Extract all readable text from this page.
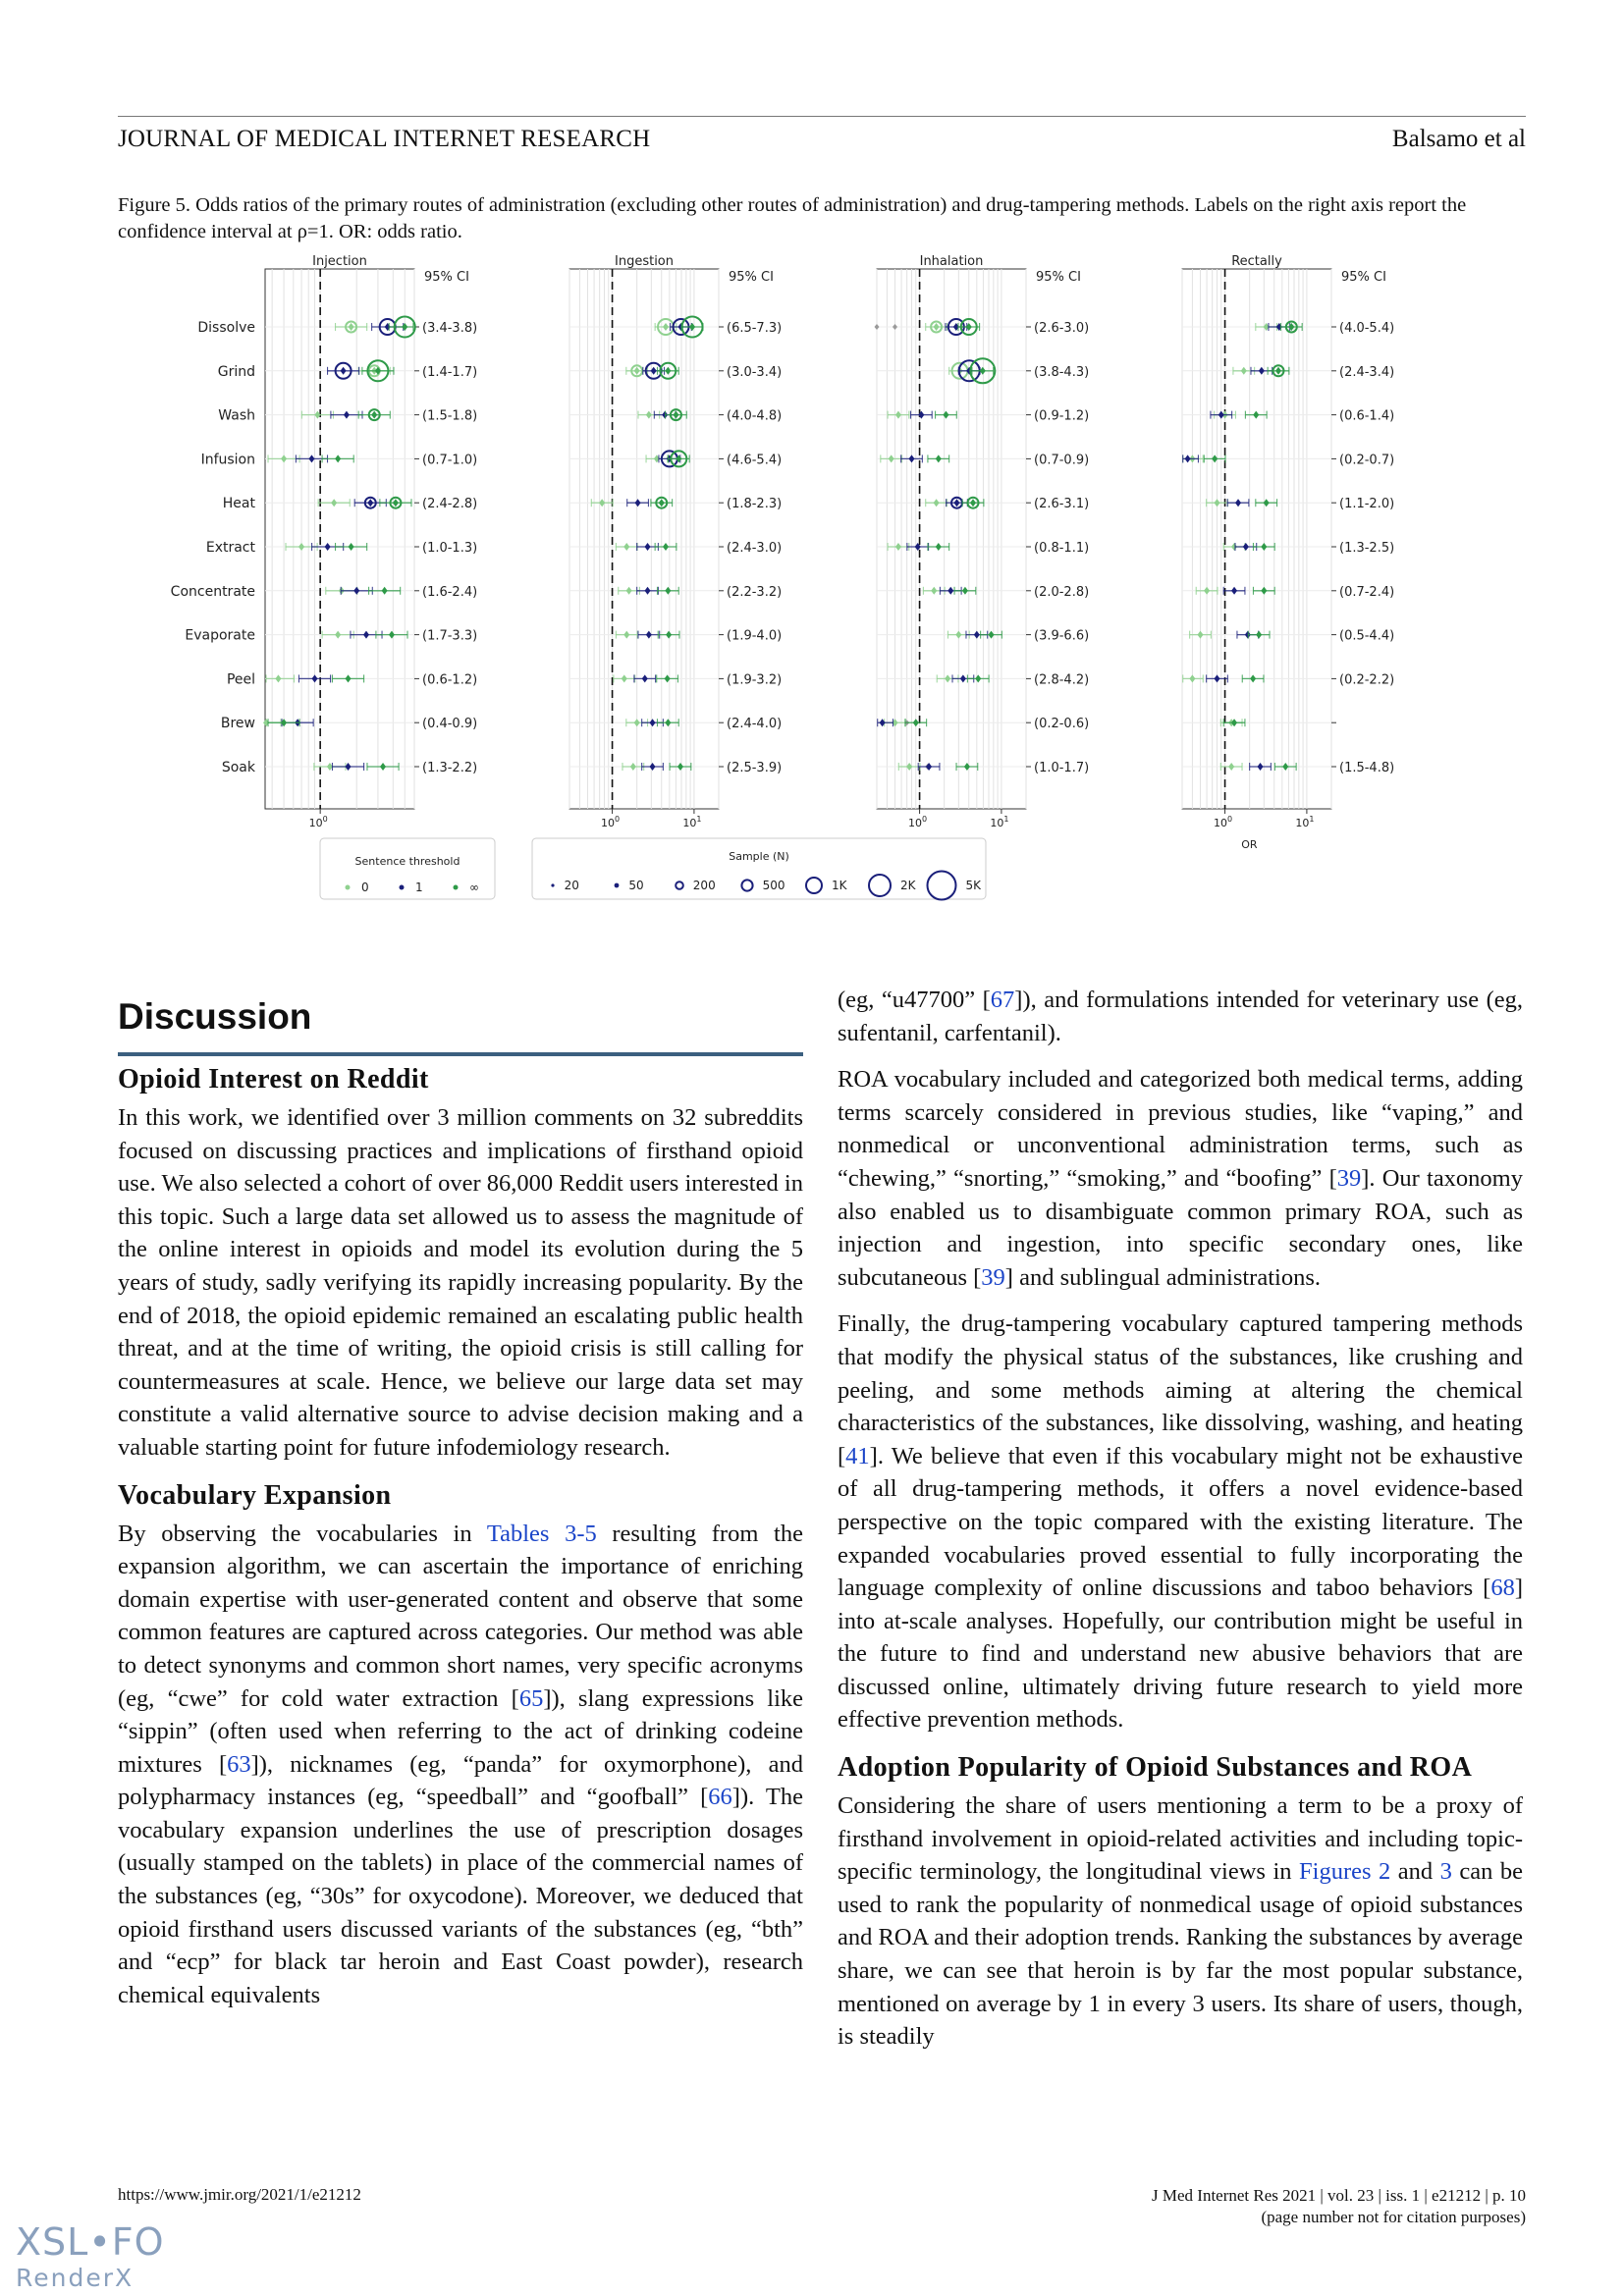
JOURNAL OF MEDICAL INTERNET RESEARCH	Balsamo et al
Figure 5. Odds ratios of the primary routes of administration (excluding other routes of administration) and drug-tampering methods. Labels on the right axis report the confidence interval at ρ=1. OR: odds ratio.
Dissolve
Grind
Wash
Infusion
Heat
Extract
Concentrate
Evaporate
Peel
Brew
Soak
Injection
95% CI
$10^0$
(3.4-3.8)
(1.4-1.7)
(1.5-1.8)
(0.7-1.0)
(2.4-2.8)
(1.0-1.3)
(1.6-2.4)
(1.7-3.3)
(0.6-1.2)
(0.4-0.9)
(1.3-2.2)
Ingestion
95% CI
$10^0$	$10^1$
(6.5-7.3)
(3.0-3.4)
(4.0-4.8)
(4.6-5.4)
(1.8-2.3)
(2.4-3.0)
(2.2-3.2)
(1.9-4.0)
(1.9-3.2)
(2.4-4.0)
(2.5-3.9)
Inhalation
95% CI
$10^0$	$10^1$
(2.6-3.0)
(3.8-4.3)
(0.9-1.2)
(0.7-0.9)
(2.6-3.1)
(0.8-1.1)
(2.0-2.8)
(3.9-6.6)
(2.8-4.2)
(0.2-0.6)
(1.0-1.7)
Rectally
95% CI
$10^0$	$10^1$
OR
(4.0-5.4)
(2.4-3.4)
(0.6-1.4)
(0.2-0.7)
(1.1-2.0)
(1.3-2.5)
(0.7-2.4)
(0.5-4.4)
(0.2-2.2)
(1.5-4.8)
Sentence threshold
0	1	∞
Sample (N)
20	50	200	500	1K	2K	5K
Discussion
Opioid Interest on Reddit

In this work, we identified over 3 million comments on 32 subreddits focused on discussing practices and implications of firsthand opioid use. We also selected a cohort of over 86,000 Reddit users interested in this topic. Such a large data set allowed us to assess the magnitude of the online interest in opioids and model its evolution during the 5 years of study, sadly verifying its rapidly increasing popularity. By the end of 2018, the opioid epidemic remained an escalating public health threat, and at the time of writing, the opioid crisis is still calling for countermeasures at scale. Hence, we believe our large data set may constitute a valid alternative source to advise decision making and a valuable starting point for future infodemiology research.

Vocabulary Expansion

By observing the vocabularies in Tables 3-5 resulting from the expansion algorithm, we can ascertain the importance of enriching domain expertise with user-generated content and observe that some common features are captured across categories. Our method was able to detect synonyms and common short names, very specific acronyms (eg, “cwe” for cold water extraction [65]), slang expressions like “sippin” (often used when referring to the act of drinking codeine mixtures [63]), nicknames (eg, “panda” for oxymorphone), and polypharmacy instances (eg, “speedball” and “goofball” [66]). The vocabulary expansion underlines the use of prescription dosages (usually stamped on the tablets) in place of the commercial names of the substances (eg, “30s” for oxycodone). Moreover, we deduced that opioid firsthand users discussed variants of the substances (eg, “bth” and “ecp” for black tar heroin and East Coast powder), research chemical equivalents

(eg, “u47700” [67]), and formulations intended for veterinary use (eg, sufentanil, carfentanil).

ROA vocabulary included and categorized both medical terms, adding terms scarcely considered in previous studies, like “vaping,” and nonmedical or unconventional administration terms, such as “chewing,” “snorting,” “smoking,” and “boofing” [39]. Our taxonomy also enabled us to disambiguate common primary ROA, such as injection and ingestion, into specific secondary ones, like subcutaneous [39] and sublingual administrations.

Finally, the drug-tampering vocabulary captured tampering methods that modify the physical status of the substances, like crushing and peeling, and some methods aiming at altering the chemical characteristics of the substances, like dissolving, washing, and heating [41]. We believe that even if this vocabulary might not be exhaustive of all drug-tampering methods, it offers a novel evidence-based perspective on the topic compared with the existing literature. The expanded vocabularies proved essential to fully incorporating the language complexity of online discussions and taboo behaviors [68] into at-scale analyses. Hopefully, our contribution might be useful in the future to find and understand new abusive behaviors that are discussed online, ultimately driving future research to yield more effective prevention methods.

Adoption Popularity of Opioid Substances and ROA

Considering the share of users mentioning a term to be a proxy of firsthand involvement in opioid-related activities and including topic-specific terminology, the longitudinal views in Figures 2 and 3 can be used to rank the popularity of nonmedical usage of opioid substances and ROA and their adoption trends. Ranking the substances by average share, we can see that heroin is by far the most popular substance, mentioned on average by 1 in every 3 users. Its share of users, though, is steadily

https://www.jmir.org/2021/1/e21212	J Med Internet Res 2021 | vol. 23 | iss. 1 | e21212 | p. 10
(page number not for citation purposes)
XSL•FO
RenderX
